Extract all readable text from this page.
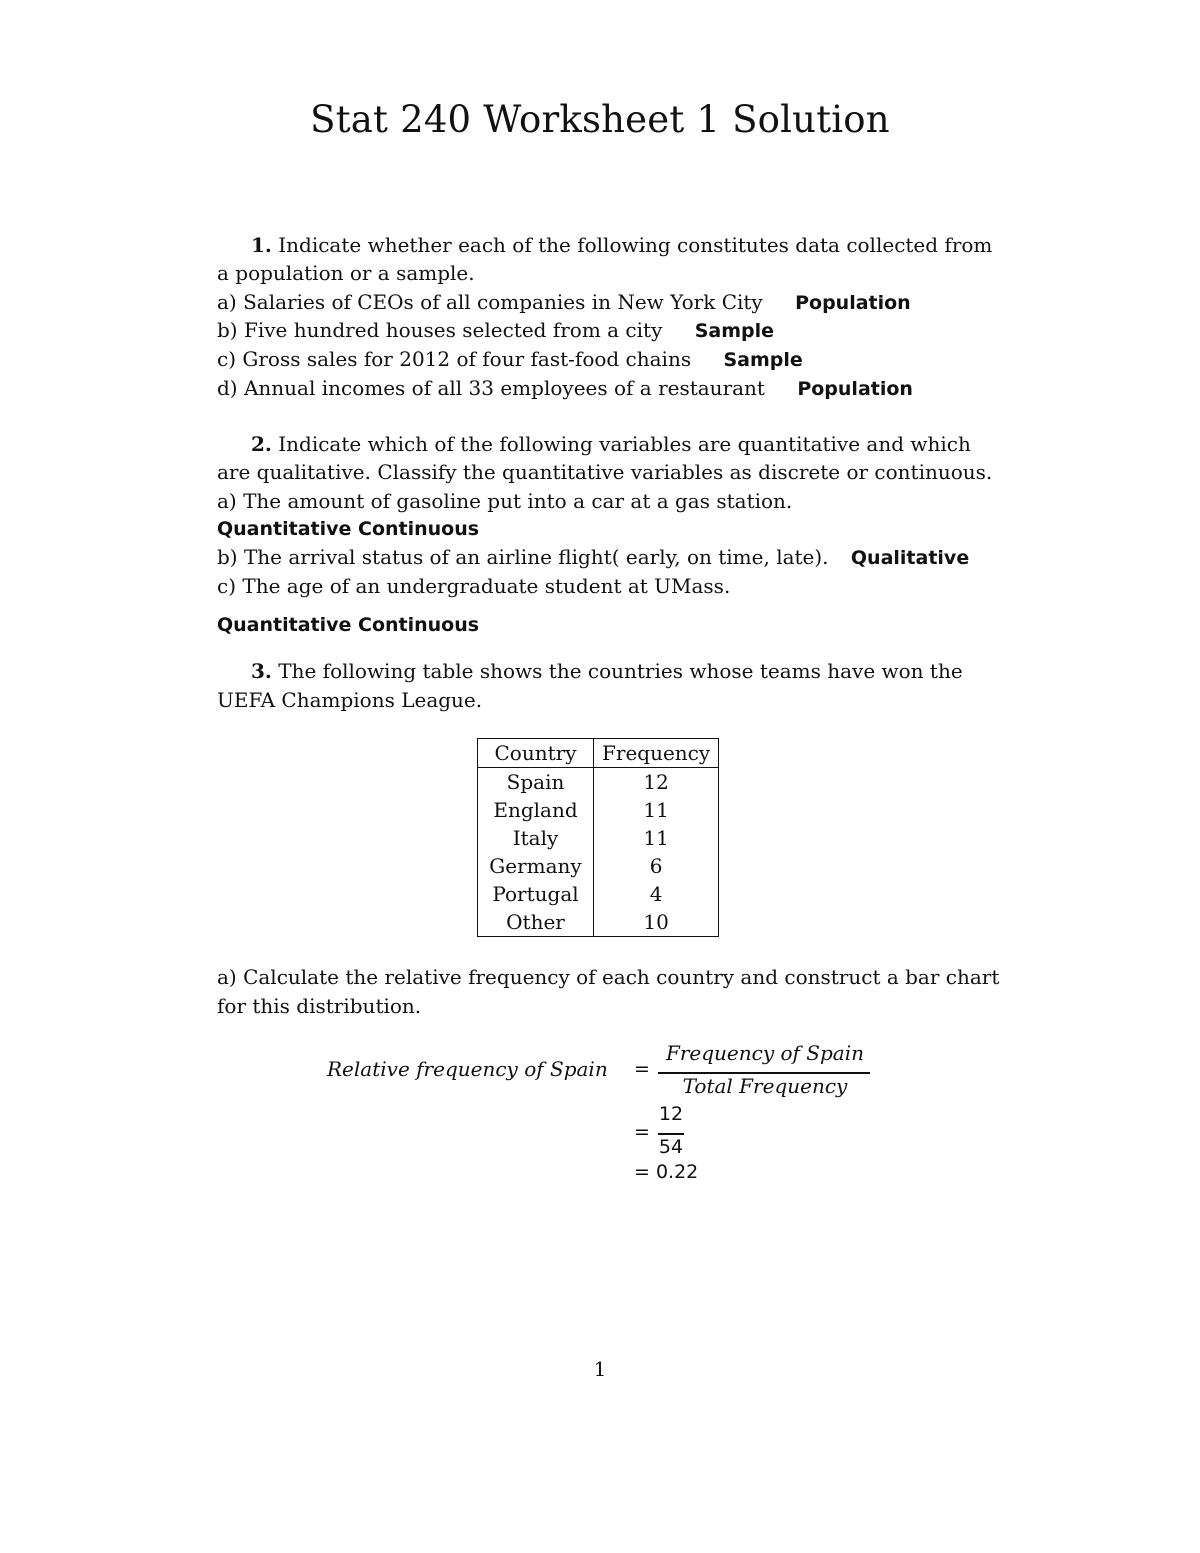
Stat 240 Worksheet 1 Solution
1. Indicate whether each of the following constitutes data collected from
a population or a sample.
a) Salaries of CEOs of all companies in New York City Population
b) Five hundred houses selected from a city Sample
c) Gross sales for 2012 of four fast-food chains Sample
d) Annual incomes of all 33 employees of a restaurant Population
2. Indicate which of the following variables are quantitative and which
are qualitative. Classify the quantitative variables as discrete or continuous.
a) The amount of gasoline put into a car at a gas station.
Quantitative Continuous
b) The arrival status of an airline flight( early, on time, late). Qualitative
c) The age of an undergraduate student at UMass.
Quantitative Continuous
3. The following table shows the countries whose teams have won the
UEFA Champions League.
Country	Frequency
Spain	12
England	11
Italy	11
Germany	6
Portugal	4
Other	10
a) Calculate the relative frequency of each country and construct a bar chart
for this distribution.
Relative frequency of Spain =
Frequency of Spain
Total Frequency
=
12
54
= 0.22
1
